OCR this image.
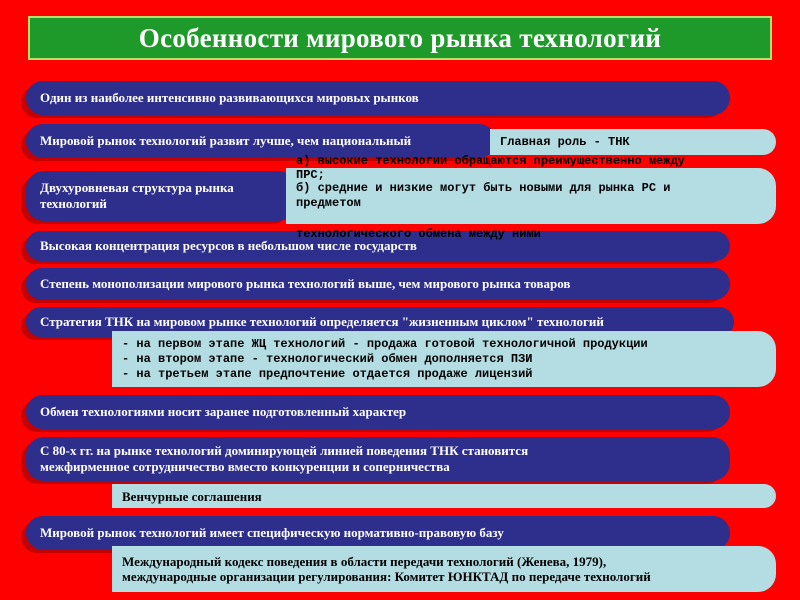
Особенности мирового рынка технологий
Один из наиболее интенсивно развивающихся мировых рынков
Мировой рынок технологий развит лучше, чем национальный	Главная роль - ТНК
Двухуровневая структура рынка
технологий
б) средние и низкие могут быть новыми для рынка РС и
предметом
а) высокие технологии обращаются преимущественно между
ПРС;
Высокая концентрация ресурсов в небольшом числе государств
технологического обмена между ними
Степень монополизации мирового рынка технологий выше, чем мирового рынка товаров
Стратегия ТНК на мировом рынке технологий определяется "жизненным циклом" технологий
- на первом этапе ЖЦ технологий - продажа готовой технологичной продукции
- на втором этапе - технологический обмен дополняется ПЗИ
- на третьем этапе предпочтение отдается продаже лицензий
Обмен технологиями носит заранее подготовленный характер
С 80-х гг. на рынке технологий доминирующей линией поведения ТНК становится
межфирменное сотрудничество вместо конкуренции и соперничества
Венчурные соглашения
Мировой рынок технологий имеет специфическую нормативно-правовую базу
Международный кодекс поведения в области передачи технологий (Женева, 1979),
международные организации регулирования: Комитет ЮНКТАД по передаче технологий
